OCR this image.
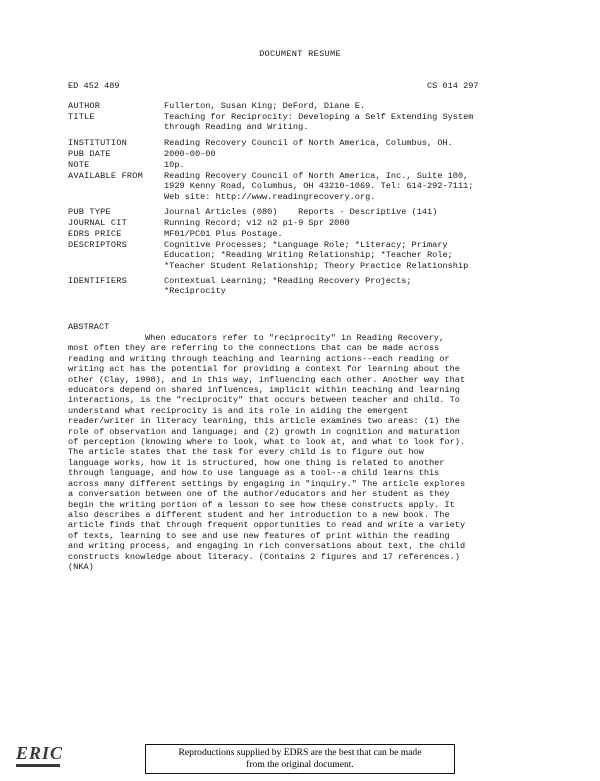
DOCUMENT RESUME
ED 452 489	CS 014 297
AUTHOR	Fullerton, Susan King; DeFord, Diane E.
TITLE	Teaching for Reciprocity: Developing a Self Extending System
through Reading and Writing.
INSTITUTION	Reading Recovery Council of North America, Columbus, OH.
PUB DATE	2000-00-00
NOTE	10p.
AVAILABLE FROM	Reading Recovery Council of North America, Inc., Suite 100,
1929 Kenny Road, Columbus, OH 43210-1069. Tel: 614-292-7111;
Web site: http://www.readingrecovery.org.
PUB TYPE	Journal Articles (080)    Reports - Descriptive (141)
JOURNAL CIT	Running Record; v12 n2 p1-9 Spr 2000
EDRS PRICE	MF01/PC01 Plus Postage.
DESCRIPTORS	Cognitive Processes; *Language Role; *Literacy; Primary
Education; *Reading Writing Relationship; *Teacher Role;
*Teacher Student Relationship; Theory Practice Relationship
IDENTIFIERS	Contextual Learning; *Reading Recovery Projects;
*Reciprocity
ABSTRACT
When educators refer to "reciprocity" in Reading Recovery,
most often they are referring to the connections that can be made across
reading and writing through teaching and learning actions--each reading or
writing act has the potential for providing a context for learning about the
other (Clay, 1998), and in this way, influencing each other. Another way that
educators depend on shared influences, implicit within teaching and learning
interactions, is the "reciprocity" that occurs between teacher and child. To
understand what reciprocity is and its role in aiding the emergent
reader/writer in literacy learning, this article examines two areas: (1) the
role of observation and language; and (2) growth in cognition and maturation
of perception (knowing where to look, what to look at, and what to look for).
The article states that the task for every child is to figure out how
language works, how it is structured, how one thing is related to another
through language, and how to use language as a tool--a child learns this
across many different settings by engaging in "inquiry." The article explores
a conversation between one of the author/educators and her student as they
begin the writing portion of a lesson to see how these constructs apply. It
also describes a different student and her introduction to a new book. The
article finds that through frequent opportunities to read and write a variety
of texts, learning to see and use new features of print within the reading
and writing process, and engaging in rich conversations about text, the child
constructs knowledge about literacy. (Contains 2 figures and 17 references.)
(NKA)
ERIC	Reproductions supplied by EDRS are the best that can be made
from the original document.
